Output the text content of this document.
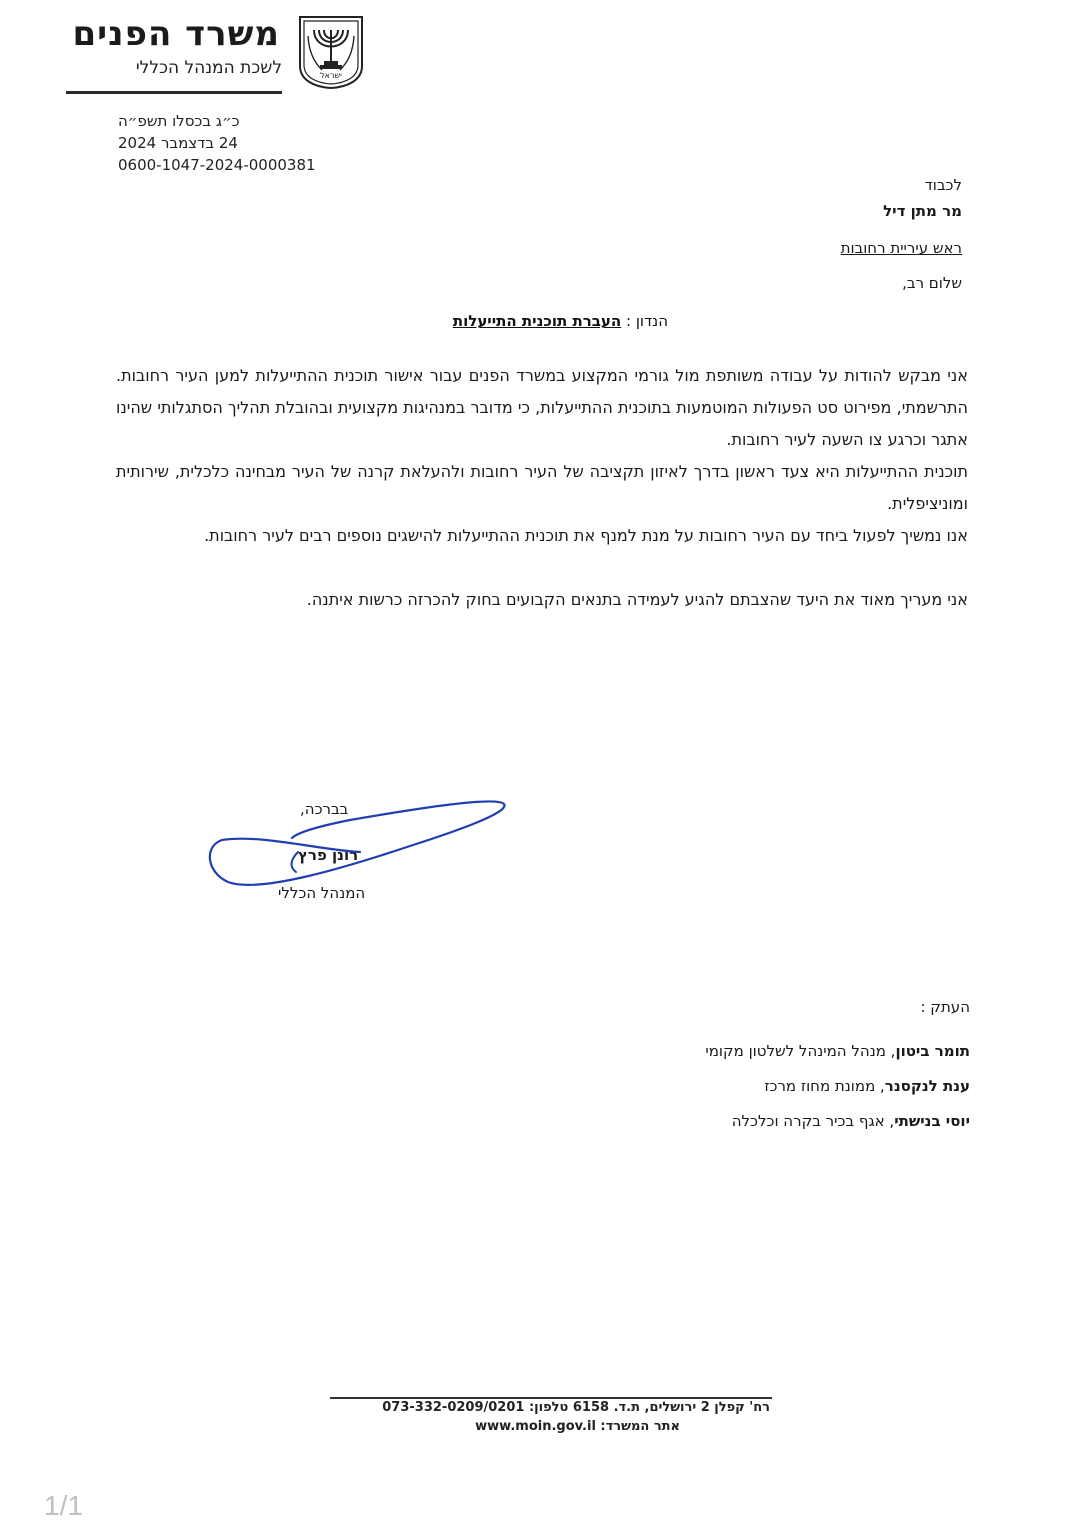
משרד הפנים
לשכת המנהל הכללי	ישראל
כ״ג בכסלו תשפ״ה
24 בדצמבר 2024
0600-1047-2024-0000381
לכבוד
מר מתן דיל
ראש עיריית רחובות
שלום רב,
הנדון : העברת תוכנית התייעלות
אני מבקש להודות על עבודה משותפת מול גורמי המקצוע במשרד הפנים עבור אישור תוכנית ההתייעלות למען העיר רחובות. התרשמתי, מפירוט סט הפעולות המוטמעות בתוכנית ההתייעלות, כי מדובר במנהיגות מקצועית ובהובלת תהליך הסתגלותי שהינו אתגר וכרגע צו השעה לעיר רחובות.
תוכנית ההתייעלות היא צעד ראשון בדרך לאיזון תקציבה של העיר רחובות ולהעלאת קרנה של העיר מבחינה כלכלית, שירותית ומוניציפלית.
אנו נמשיך לפעול ביחד עם העיר רחובות על מנת למנף את תוכנית ההתייעלות להישגים נוספים רבים לעיר רחובות.
אני מעריך מאוד את היעד שהצבתם להגיע לעמידה בתנאים הקבועים בחוק להכרזה כרשות איתנה.
בברכה,
רונן פרץ
המנהל הכללי
העתק :
תומר ביטון, מנהל המינהל לשלטון מקומי
ענת לנקסנר, ממונת מחוז מרכז
יוסי בנישתי, אגף בכיר בקרה וכלכלה
רח' קפלן 2 ירושלים, ת.ד. 6158 טלפון: 073-332-0209/0201
אתר המשרד: www.moin.gov.il
1/1
